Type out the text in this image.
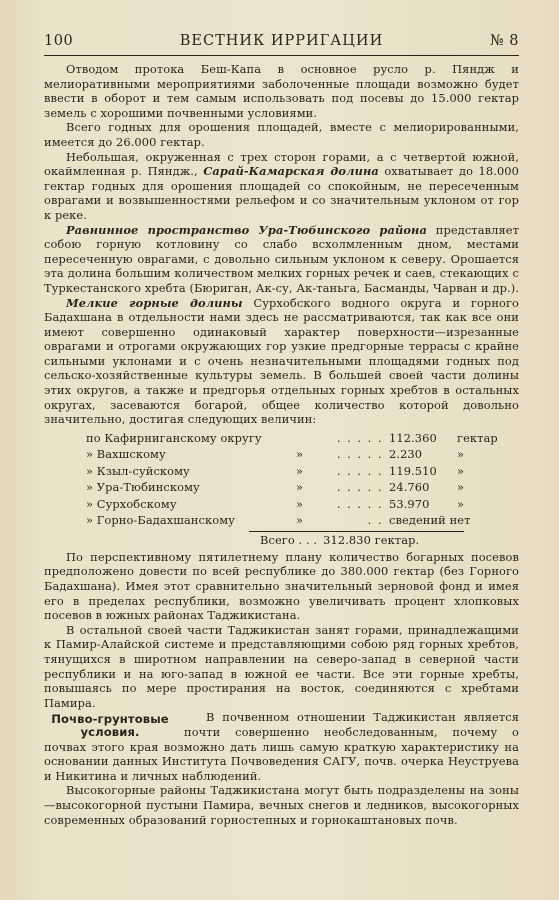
100	ВЕСТНИК ИРРИГАЦИИ	№ 8

Отводом протока Беш-Капа в основное русло р. Пяндж и мелиоративными мероприятиями заболоченные площади возможно будет ввести в оборот и тем самым использовать под посевы до 15.000 гектар земель с хорошими почвенными условиями.

Всего годных для орошения площадей, вместе с мелиорированными, имеется до 26.000 гектар.

Небольшая, окруженная с трех сторон горами, а с четвертой южной, окаймленная р. Пяндж., Сарай-Камарская долина охватывает до 18.000 гектар годных для орошения площадей со спокойным, не пересеченным оврагами и возвышенностями рельефом и со значительным уклоном от гор к реке.

Равнинное пространство Ура-Тюбинского района представляет собою горную котловину со слабо всхолмленным дном, местами пересеченную оврагами, с довольно сильным уклоном к северу. Орошается эта долина большим количеством мелких горных речек и саев, стекающих с Туркестанского хребта (Бюриган, Ак-су, Ак-таньга, Басманды, Чарван и др.).

Мелкие горные долины Сурхобского водного округа и горного Бадахшана в отдельности нами здесь не рассматриваются, так как все они имеют совершенно одинаковый характер поверхности—изрезанные оврагами и отрогами окружающих гор узкие предгорные террасы с крайне сильными уклонами и с очень незначительными площадями годных под сельско-хозяйственные культуры земель. В большей своей части долины этих округов, а также и предгорья отдельных горных хребтов в остальных округах, засеваются богарой, общее количество которой довольно значительно, достигая следующих величин:

по Кафирниганскому округу	. . . . . 112.360	гектар
» Вахшскому	»	. . . . . 2.230	»
» Кзыл-суйскому	»	. . . . . 119.510	»
» Ура-Тюбинскому	»	. . . . . 24.760	»
» Сурхобскому	»	. . . . . 53.970	»
» Горно-Бадахшанскому	»	. . сведений нет
Всего . . . 312.830 гектар.

По перспективному пятилетнему плану количество богарных посевов предположено довести по всей республике до 380.000 гектар (без Горного Бадахшана). Имея этот сравнительно значительный зерновой фонд и имея его в пределах республики, возможно увеличивать процент хлопковых посевов в южных районах Таджикистана.

В остальной своей части Таджикистан занят горами, принадлежащими к Памир-Алайской системе и представляющими собою ряд горных хребтов, тянущихся в широтном направлении на северо-запад в северной части республики и на юго-запад в южной ее части. Все эти горные хребты, повышаясь по мере простирания на восток, соединяются с хребтами Памира.

Почво-грунтовые условия.

В почвенном отношении Таджикистан является почти совершенно необследованным, почему о почвах этого края возможно дать лишь самую краткую характеристику на основании данных Института Почвоведения САГУ, почв. очерка Неуструева и Никитина и личных наблюдений.

Высокогорные районы Таджикистана могут быть подразделены на зоны—высокогорной пустыни Памира, вечных снегов и ледников, высокогорных современных образований горностепных и горнокаштановых почв.
